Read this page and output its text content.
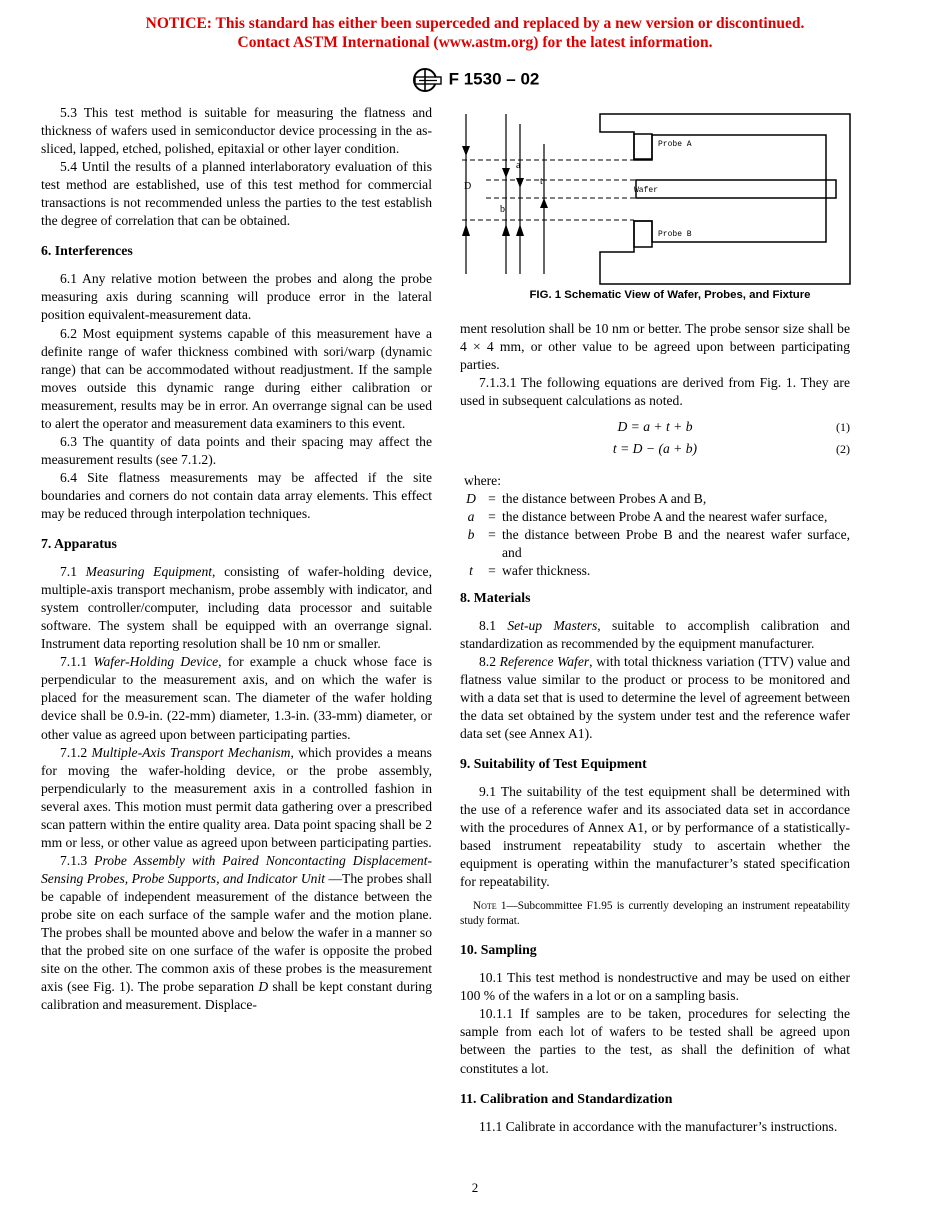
NOTICE: This standard has either been superceded and replaced by a new version or discontinued.
Contact ASTM International (www.astm.org) for the latest information.
F 1530 – 02

5.3 This test method is suitable for measuring the flatness and thickness of wafers used in semiconductor device processing in the as-sliced, lapped, etched, polished, epitaxial or other layer condition.

5.4 Until the results of a planned interlaboratory evaluation of this test method are established, use of this test method for commercial transactions is not recommended unless the parties to the test establish the degree of correlation that can be obtained.

6. Interferences

6.1 Any relative motion between the probes and along the probe measuring axis during scanning will produce error in the lateral position equivalent-measurement data.

6.2 Most equipment systems capable of this measurement have a definite range of wafer thickness combined with sori/warp (dynamic range) that can be accommodated without readjustment. If the sample moves outside this dynamic range during either calibration or measurement, results may be in error. An overrange signal can be used to alert the operator and measurement data examiners to this event.

6.3 The quantity of data points and their spacing may affect the measurement results (see 7.1.2).

6.4 Site flatness measurements may be affected if the site boundaries and corners do not contain data array elements. This effect may be reduced through interpolation techniques.

7. Apparatus

7.1 Measuring Equipment, consisting of wafer-holding device, multiple-axis transport mechanism, probe assembly with indicator, and system controller/computer, including data processor and suitable software. The system shall be equipped with an overrange signal. Instrument data reporting resolution shall be 10 nm or smaller.

7.1.1 Wafer-Holding Device, for example a chuck whose face is perpendicular to the measurement axis, and on which the wafer is placed for the measurement scan. The diameter of the wafer holding device shall be 0.9-in. (22-mm) diameter, 1.3-in. (33-mm) diameter, or other value as agreed upon between participating parties.

7.1.2 Multiple-Axis Transport Mechanism, which provides a means for moving the wafer-holding device, or the probe assembly, perpendicularly to the measurement axis in a controlled fashion in several axes. This motion must permit data gathering over a prescribed scan pattern within the entire quality area. Data point spacing shall be 2 mm or less, or other value as agreed upon between participating parties.

7.1.3 Probe Assembly with Paired Noncontacting Displacement-Sensing Probes, Probe Supports, and Indicator Unit —The probes shall be capable of independent measurement of the distance between the probe site on each surface of the sample wafer and the motion plane. The probes shall be mounted above and below the wafer in a manner so that the probed site on one surface of the wafer is opposite the probed site on the other. The common axis of these probes is the measurement axis (see Fig. 1). The probe separation D shall be kept constant during calibration and measurement. Displace-

D
a
t
b
Probe A
Wafer
Probe B
FIG. 1 Schematic View of Wafer, Probes, and Fixture

ment resolution shall be 10 nm or better. The probe sensor size shall be 4 × 4 mm, or other value to be agreed upon between participating parties.

7.1.3.1 The following equations are derived from Fig. 1. They are used in subsequent calculations as noted.

D = a + t + b	(1)
t = D − (a + b)	(2)

where:

D = the distance between Probes A and B,
a	= the distance between Probe A and the nearest wafer surface,
b	= the distance between Probe B and the nearest wafer surface, and
t	= wafer thickness.
8. Materials

8.1 Set-up Masters, suitable to accomplish calibration and standardization as recommended by the equipment manufacturer.

8.2 Reference Wafer, with total thickness variation (TTV) value and flatness value similar to the product or process to be monitored and with a data set that is used to determine the level of agreement between the data set obtained by the system under test and the reference wafer data set (see Annex A1).

9. Suitability of Test Equipment

9.1 The suitability of the test equipment shall be determined with the use of a reference wafer and its associated data set in accordance with the procedures of Annex A1, or by performance of a statistically-based instrument repeatability study to ascertain whether the equipment is operating within the manufacturer’s stated specification for repeatability.

Note 1—Subcommittee F1.95 is currently developing an instrument repeatability study format.

10. Sampling

10.1 This test method is nondestructive and may be used on either 100 % of the wafers in a lot or on a sampling basis.

10.1.1 If samples are to be taken, procedures for selecting the sample from each lot of wafers to be tested shall be agreed upon between the parties to the test, as shall the definition of what constitutes a lot.

11. Calibration and Standardization

11.1 Calibrate in accordance with the manufacturer’s instructions.

2
